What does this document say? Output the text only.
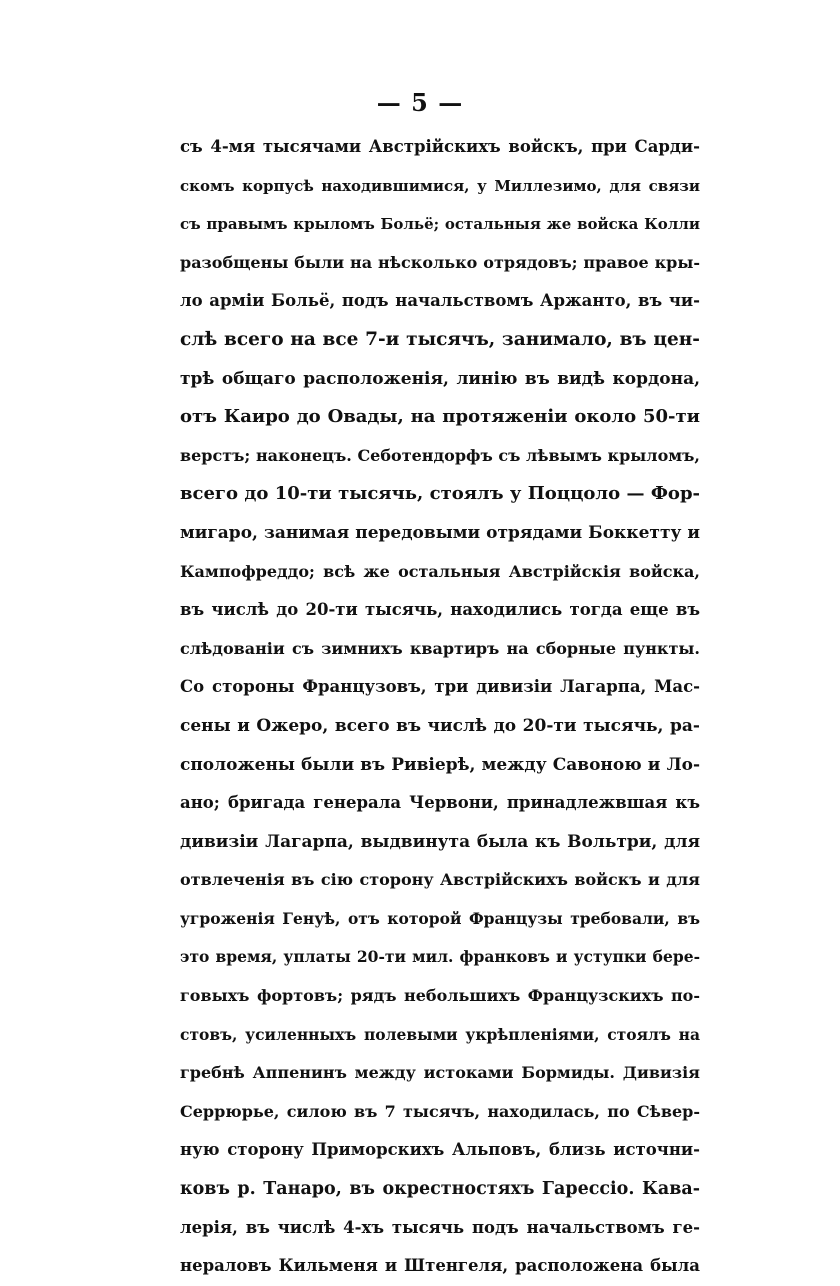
— 5 —
съ 4-мя тысячами Австрійскихъ войскъ, при Сарди-
скомъ корпусѣ находившимися, у Миллезимо, для связи
съ правымъ крыломъ Больё; остальныя же войска Колли
разобщены были на нѣсколько отрядовъ; правое кры-
ло арміи Больё, подъ начальствомъ Аржанто, въ чи-
слѣ всего на все 7-и тысячъ, занимало, въ цен-
трѣ общаго расположенія, линію въ видѣ кордона,
отъ Каиро до Овады, на протяженіи около 50-ти
верстъ; наконецъ. Себотендорфъ съ лѣвымъ крыломъ,
всего до 10-ти тысячь, стоялъ у Поццоло — Фор-
мигаро, занимая передовыми отрядами Боккетту и
Кампофреддо; всѣ же остальныя Австрійскія войска,
въ числѣ до 20-ти тысячь, находились тогда еще въ
слѣдованіи съ зимнихъ квартиръ на сборные пункты.
Со стороны Французовъ, три дивизіи Лагарпа, Мас-
сены и Ожеро, всего въ числѣ до 20-ти тысячь, ра-
сположены были въ Ривіерѣ, между Савоною и Ло-
ано; бригада генерала Червони, принадлежвшая къ
дивизіи Лагарпа, выдвинута была къ Вольтри, для
отвлеченія въ сію сторону Австрійскихъ войскъ и для
угроженія Генуѣ, отъ которой Французы требовали, въ
это время, уплаты 20-ти мил. франковъ и уступки бере-
говыхъ фортовъ; рядъ небольшихъ Французскихъ по-
стовъ, усиленныхъ полевыми укрѣпленіями, стоялъ на
гребнѣ Аппенинъ между истоками Бормиды. Дивизія
Серрюрье, силою въ 7 тысячъ, находилась, по Сѣвер-
ную сторону Приморскихъ Альповъ, близь источни-
ковъ р. Танаро, въ окрестностяхъ Гарессіо. Кава-
лерія, въ числѣ 4-хъ тысячь подъ начальствомъ ге-
нераловъ Кильменя и Штенгеля, расположена была
